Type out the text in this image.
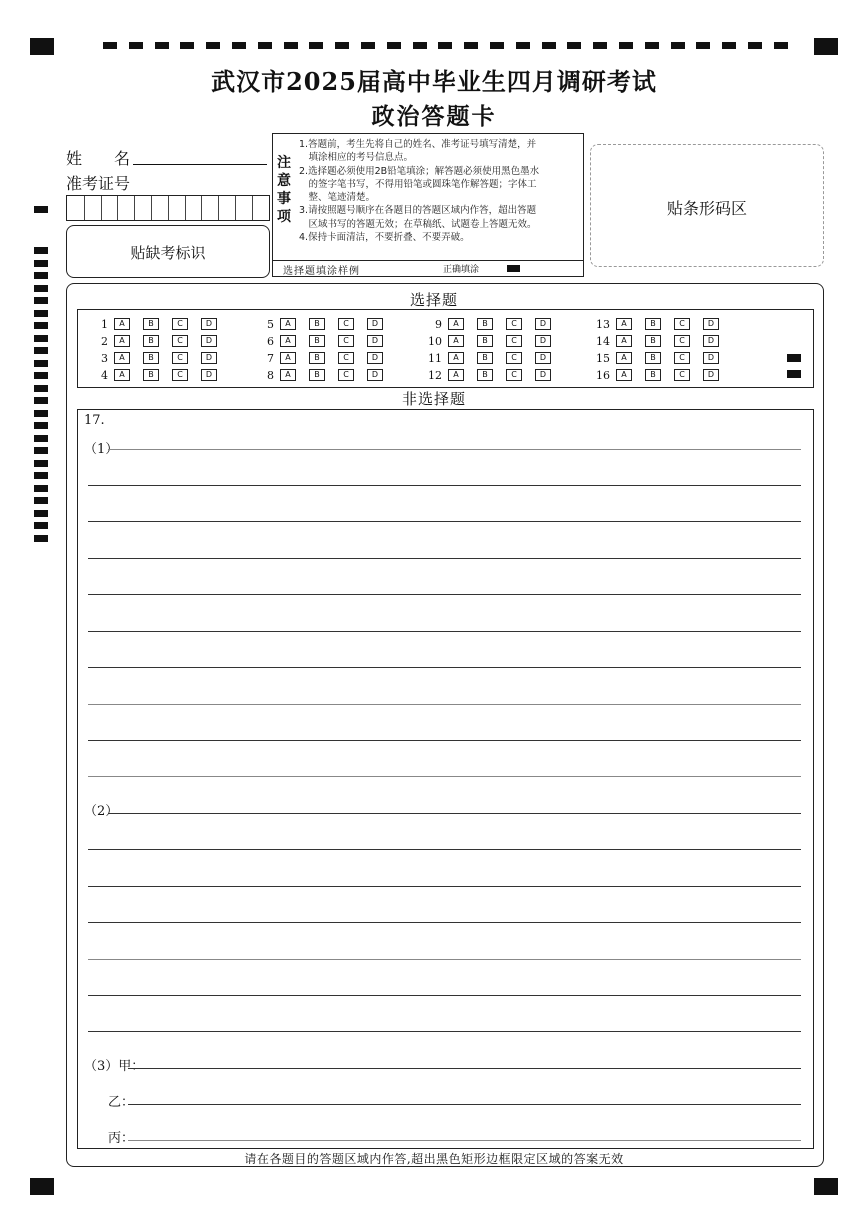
武汉市2025届高中毕业生四月调研考试
政治答题卡
姓　　名
准考证号
贴缺考标识
注意事项
1.答题前，考生先将自己的姓名、准考证号填写清楚，并
　填涂相应的考号信息点。
2.选择题必须使用2B铅笔填涂；解答题必须使用黑色墨水
　的签字笔书写，不得用铅笔或圆珠笔作解答题；字体工
　整、笔迹清楚。
3.请按照题号顺序在各题目的答题区域内作答，超出答题
　区域书写的答题无效；在草稿纸、试题卷上答题无效。
4.保持卡面清洁，不要折叠、不要弄破。
选择题填涂样例	正确填涂
贴条形码区
选择题
1 A	B	C	D
2 A	B	C	D
3 A	B	C	D
4 A	B	C	D
5 A	B	C	D
6 A	B	C	D
7 A	B	C	D
8 A	B	C	D
9 A	B	C	D
10 A	B	C	D
11 A	B	C	D
12 A	B	C	D
13 A	B	C	D
14 A	B	C	D
15 A	B	C	D
16 A	B	C	D
非选择题
17.
（1）
（2）
（3）甲：
乙：
丙：
请在各题目的答题区域内作答,超出黑色矩形边框限定区域的答案无效
